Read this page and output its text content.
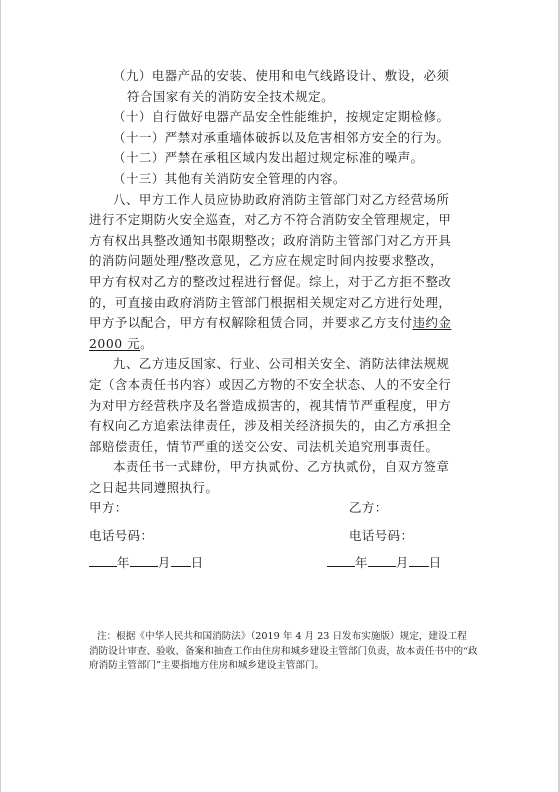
（九）电器产品的安装、使用和电气线路设计、敷设，必须
符合国家有关的消防安全技术规定。
（十）自行做好电器产品安全性能维护，按规定定期检修。
（十一）严禁对承重墙体破拆以及危害相邻方安全的行为。
（十二）严禁在承租区域内发出超过规定标准的噪声。
（十三）其他有关消防安全管理的内容。
八、甲方工作人员应协助政府消防主管部门对乙方经营场所
进行不定期防火安全巡查，对乙方不符合消防安全管理规定，甲
方有权出具整改通知书限期整改；政府消防主管部门对乙方开具
的消防问题处理/整改意见，乙方应在规定时间内按要求整改，
甲方有权对乙方的整改过程进行督促。综上，对于乙方拒不整改
的，可直接由政府消防主管部门根据相关规定对乙方进行处理，
甲方予以配合，甲方有权解除租赁合同，并要求乙方支付违约金
2000 元。
九、乙方违反国家、行业、公司相关安全、消防法律法规规
定（含本责任书内容）或因乙方物的不安全状态、人的不安全行
为对甲方经营秩序及名誉造成损害的，视其情节严重程度，甲方
有权向乙方追索法律责任，涉及相关经济损失的，由乙方承担全
部赔偿责任，情节严重的送交公安、司法机关追究刑事责任。
本责任书一式肆份，甲方执贰份、乙方执贰份，自双方签章
之日起共同遵照执行。
甲方：	乙方：
电话号码：	电话号码：
年 月 日	年 月 日
注：根据《中华人民共和国消防法》（2019 年 4 月 23 日发布实施版）规定，建设工程
消防设计审查、验收、备案和抽查工作由住房和城乡建设主管部门负责，故本责任书中的“政
府消防主管部门”主要指地方住房和城乡建设主管部门。
